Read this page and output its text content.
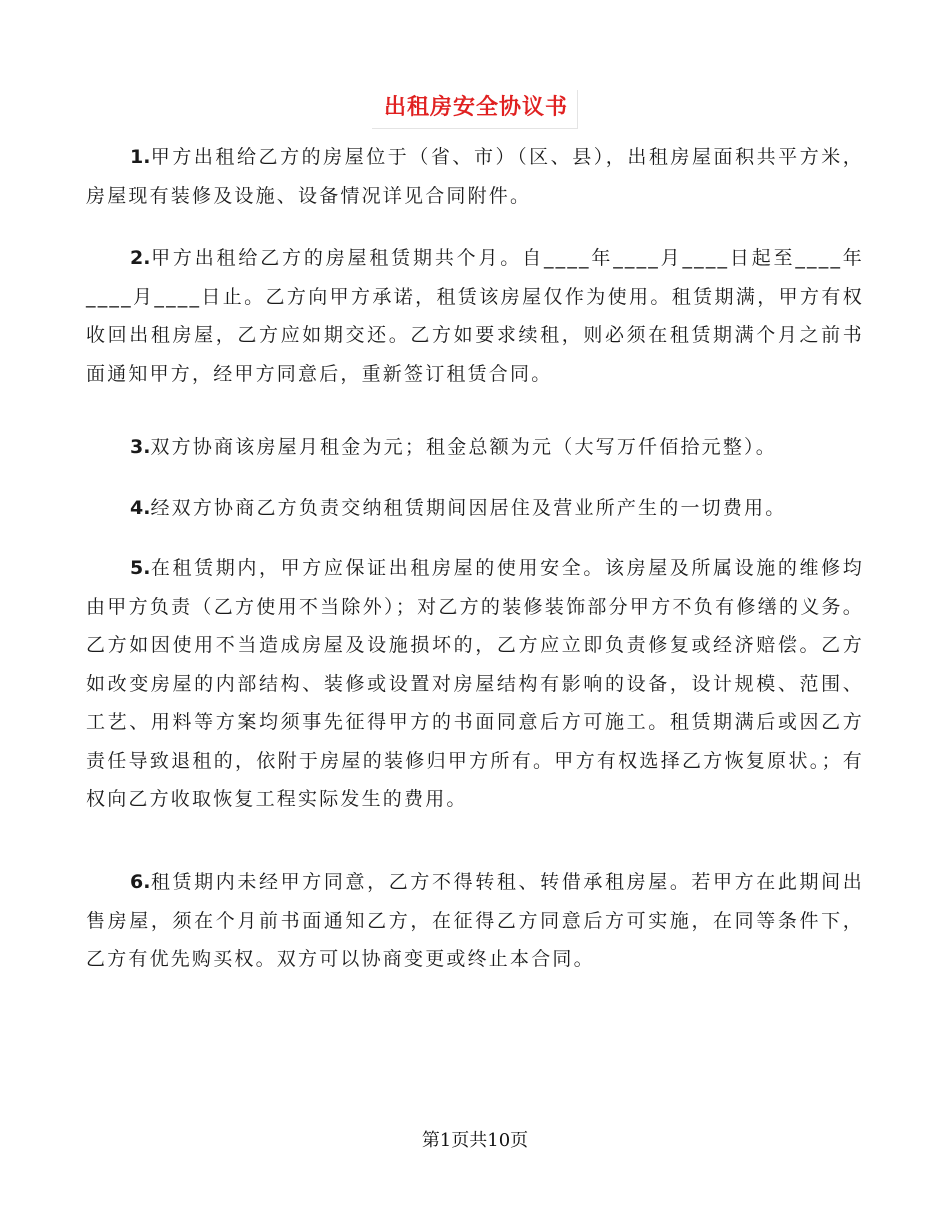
出租房安全协议书

1.甲方出租给乙方的房屋位于（省、市）（区、县），出租房屋面积共平方米，房屋现有装修及设施、设备情况详见合同附件。

2.甲方出租给乙方的房屋租赁期共个月。自____年____月____日起至____年____月____日止。乙方向甲方承诺，租赁该房屋仅作为使用。租赁期满，甲方有权收回出租房屋，乙方应如期交还。乙方如要求续租，则必须在租赁期满个月之前书面通知甲方，经甲方同意后，重新签订租赁合同。

3.双方协商该房屋月租金为元；租金总额为元（大写万仟佰拾元整）。

4.经双方协商乙方负责交纳租赁期间因居住及营业所产生的一切费用。

5.在租赁期内，甲方应保证出租房屋的使用安全。该房屋及所属设施的维修均由甲方负责（乙方使用不当除外）；对乙方的装修装饰部分甲方不负有修缮的义务。乙方如因使用不当造成房屋及设施损坏的，乙方应立即负责修复或经济赔偿。乙方如改变房屋的内部结构、装修或设置对房屋结构有影响的设备，设计规模、范围、工艺、用料等方案均须事先征得甲方的书面同意后方可施工。租赁期满后或因乙方责任导致退租的，依附于房屋的装修归甲方所有。甲方有权选择乙方恢复原状。；有权向乙方收取恢复工程实际发生的费用。

6.租赁期内未经甲方同意，乙方不得转租、转借承租房屋。若甲方在此期间出售房屋，须在个月前书面通知乙方，在征得乙方同意后方可实施，在同等条件下，乙方有优先购买权。双方可以协商变更或终止本合同。

第1页共10页
